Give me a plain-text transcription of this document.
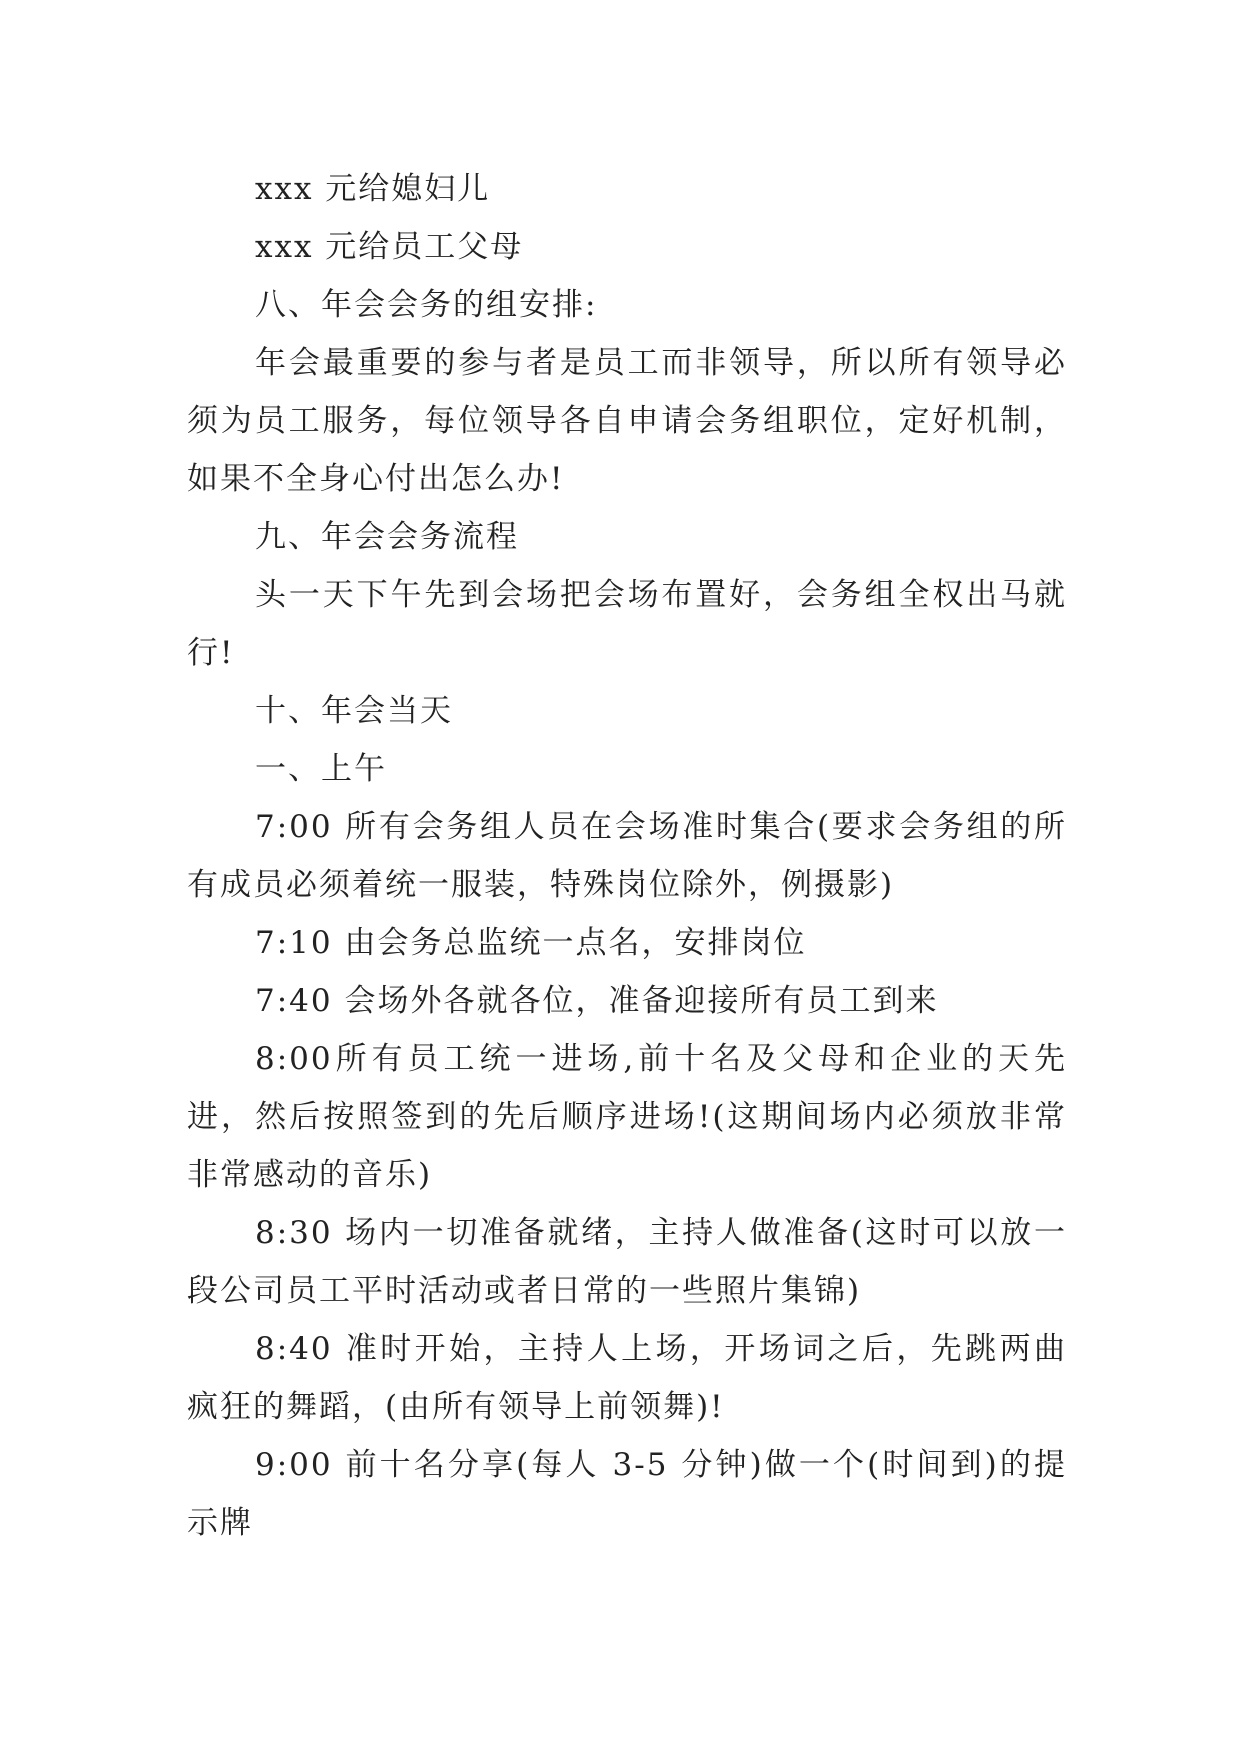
xxx 元给媳妇儿

xxx 元给员工父母

八、年会会务的组安排:

年会最重要的参与者是员工而非领导，所以所有领导必须为员工服务，每位领导各自申请会务组职位，定好机制，如果不全身心付出怎么办!

九、年会会务流程

头一天下午先到会场把会场布置好，会务组全权出马就行!

十、年会当天

一、上午

7:00 所有会务组人员在会场准时集合(要求会务组的所有成员必须着统一服装，特殊岗位除外，例摄影)

7:10 由会务总监统一点名，安排岗位

7:40 会场外各就各位，准备迎接所有员工到来

8:00所有员工统一进场,前十名及父母和企业的天先进，然后按照签到的先后顺序进场!(这期间场内必须放非常非常感动的音乐)

8:30 场内一切准备就绪，主持人做准备(这时可以放一段公司员工平时活动或者日常的一些照片集锦)

8:40 准时开始，主持人上场，开场词之后，先跳两曲疯狂的舞蹈，(由所有领导上前领舞)!

9:00 前十名分享(每人 3-5 分钟)做一个(时间到)的提示牌
